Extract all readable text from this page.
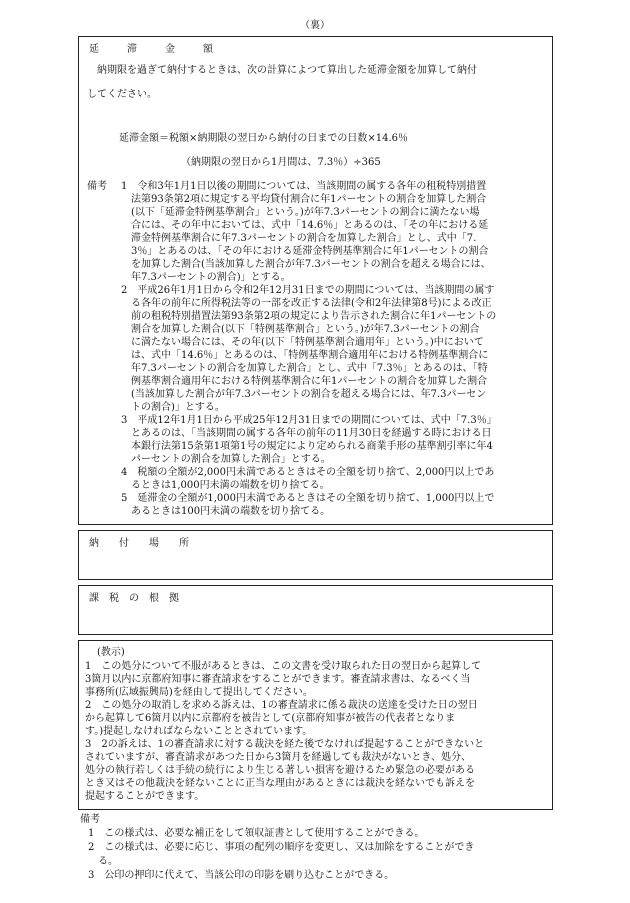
（裏）
延　滞　金　額
　納期限を過ぎて納付するときは、次の計算によつて算出した延滞金額を加算して納付
してください。
延滞金額＝税額×納期限の翌日から納付の日までの日数×14.6％
（納期限の翌日から1月間は、7.3％）÷365
備考 1　令和3年1月1日以後の期間については、当該期間の属する各年の租税特別措置
　法第93条第2項に規定する平均貸付割合に年1パーセントの割合を加算した割合
　(以下「延滞金特例基準割合」という。)が年7.3パーセントの割合に満たない場
　合には、その年中においては、式中「14.6％」とあるのは、「その年における延
　滞金特例基準割合に年7.3パーセントの割合を加算した割合」とし、式中「7.
　3％」とあるのは、「その年における延滞金特例基準割合に年1パーセントの割合
　を加算した割合(当該加算した割合が年7.3パーセントの割合を超える場合には、
　年7.3パーセントの割合)」とする。
2　平成26年1月1日から令和2年12月31日までの期間については、当該期間の属す
　る各年の前年に所得税法等の一部を改正する法律(令和2年法律第8号)による改正
　前の租税特別措置法第93条第2項の規定により告示された割合に年1パーセントの
　割合を加算した割合(以下「特例基準割合」という。)が年7.3パーセントの割合
　に満たない場合には、その年(以下「特例基準割合適用年」という。)中において
　は、式中「14.6％」とあるのは、「特例基準割合適用年における特例基準割合に
　年7.3パーセントの割合を加算した割合」とし、式中「7.3％」とあるのは、「特
　例基準割合適用年における特例基準割合に年1パーセントの割合を加算した割合
　(当該加算した割合が年7.3パーセントの割合を超える場合には、年7.3パーセン
　トの割合)」とする。
3　平成12年1月1日から平成25年12月31日までの期間については、式中「7.3％」
　とあるのは、「当該期間の属する各年の前年の11月30日を経過する時における日
　本銀行法第15条第1項第1号の規定により定められる商業手形の基準割引率に年4
　パーセントの割合を加算した割合」とする。
4　税額の全額が2,000円未満であるときはその全額を切り捨て、2,000円以上であ
　るときは1,000円未満の端数を切り捨てる。
5　延滞金の全額が1,000円未満であるときはその全額を切り捨て、1,000円以上で
　あるときは100円未満の端数を切り捨てる。
納　付　場　所
課　税　の　根　拠
(教示)
1　この処分について不服があるときは、この文書を受け取られた日の翌日から起算して
3箇月以内に京都府知事に審査請求をすることができます。審査請求書は、なるべく当
事務所(広域振興局)を経由して提出してください。
2　この処分の取消しを求める訴えは、1の審査請求に係る裁決の送達を受けた日の翌日
から起算して6箇月以内に京都府を被告として(京都府知事が被告の代表者となりま
す。)提起しなければならないこととされています。
3　2の訴えは、1の審査請求に対する裁決を経た後でなければ提起することができないと
されていますが、審査請求があつた日から3箇月を経過しても裁決がないとき、処分、
処分の執行若しくは手続の続行により生じる著しい損害を避けるため緊急の必要がある
とき又はその他裁決を経ないことに正当な理由があるときには裁決を経ないでも訴えを
提起することができます。
備考
1　この様式は、必要な補正をして領収証書として使用することができる。
2　この様式は、必要に応じ、事項の配列の順序を変更し、又は加除をすることができ
　る。
3　公印の押印に代えて、当該公印の印影を刷り込むことができる。
